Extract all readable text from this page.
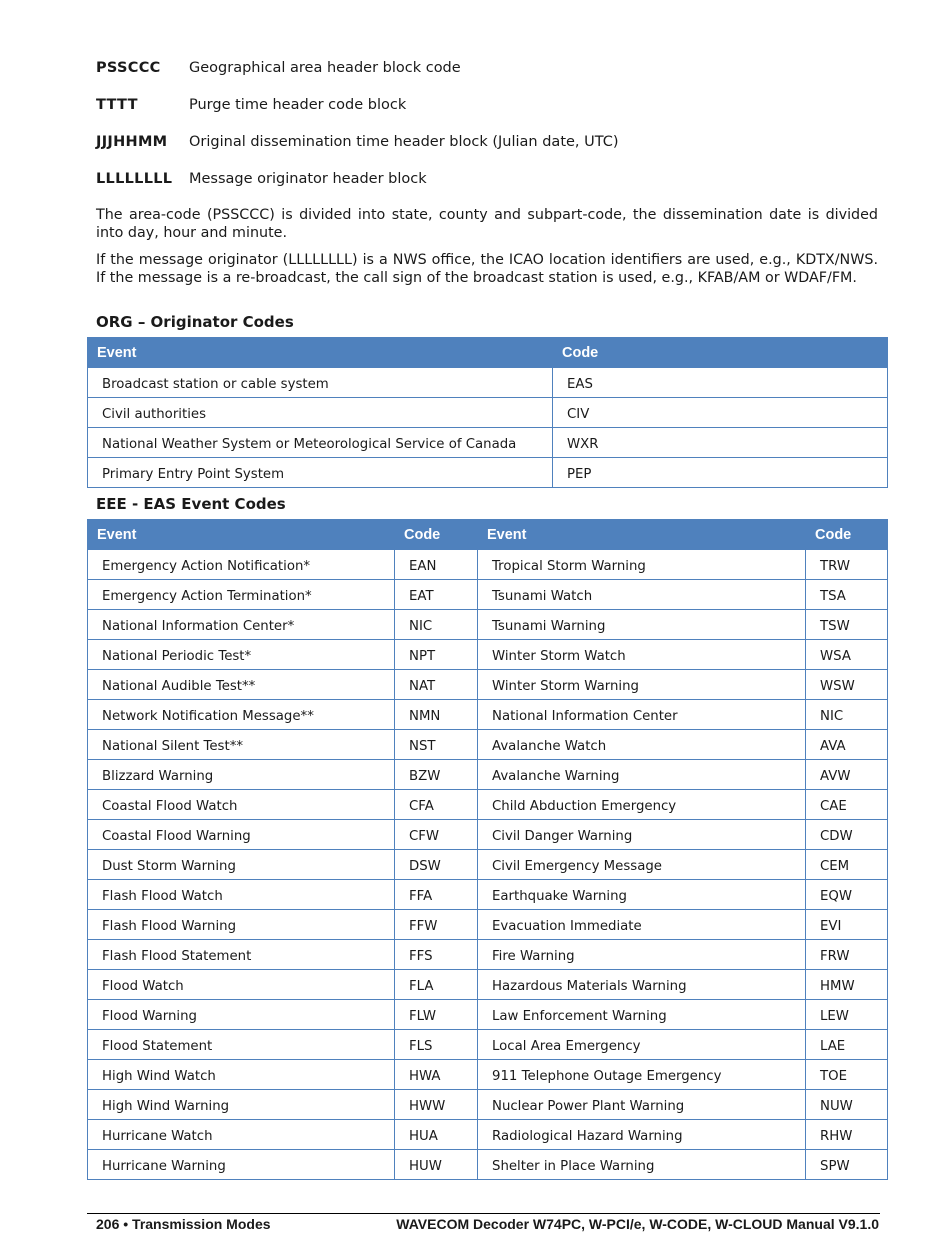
PSSCCC Geographical area header block code
TTTT	Purge time header code block
JJJHHMM Original dissemination time header block (Julian date, UTC)
LLLLLLLL Message originator header block

The area-code (PSSCCC) is divided into state, county and subpart-code, the dissemination date is divided into day, hour and minute.

If the message originator (LLLLLLLL) is a NWS office, the ICAO location identifiers are used, e.g., KDTX/NWS. If the message is a re-broadcast, the call sign of the broadcast station is used, e.g., KFAB/AM or WDAF/FM.

ORG – Originator Codes
Event	Code
Broadcast station or cable system	EAS
Civil authorities	CIV
National Weather System or Meteorological Service of Canada	WXR
Primary Entry Point System	PEP
EEE - EAS Event Codes
Event	Code	Event	Code
Emergency Action Notification*	EAN	Tropical Storm Warning	TRW
Emergency Action Termination*	EAT	Tsunami Watch	TSA
National Information Center*	NIC	Tsunami Warning	TSW
National Periodic Test*	NPT	Winter Storm Watch	WSA
National Audible Test**	NAT	Winter Storm Warning	WSW
Network Notification Message**	NMN	National Information Center	NIC
National Silent Test**	NST	Avalanche Watch	AVA
Blizzard Warning	BZW	Avalanche Warning	AVW
Coastal Flood Watch	CFA	Child Abduction Emergency	CAE
Coastal Flood Warning	CFW	Civil Danger Warning	CDW
Dust Storm Warning	DSW	Civil Emergency Message	CEM
Flash Flood Watch	FFA	Earthquake Warning	EQW
Flash Flood Warning	FFW	Evacuation Immediate	EVI
Flash Flood Statement	FFS	Fire Warning	FRW
Flood Watch	FLA	Hazardous Materials Warning	HMW
Flood Warning	FLW	Law Enforcement Warning	LEW
Flood Statement	FLS	Local Area Emergency	LAE
High Wind Watch	HWA	911 Telephone Outage Emergency	TOE
High Wind Warning	HWW	Nuclear Power Plant Warning	NUW
Hurricane Watch	HUA	Radiological Hazard Warning	RHW
Hurricane Warning	HUW	Shelter in Place Warning	SPW
206 • Transmission Modes	WAVECOM Decoder W74PC, W-PCI/e, W-CODE, W-CLOUD Manual V9.1.0
